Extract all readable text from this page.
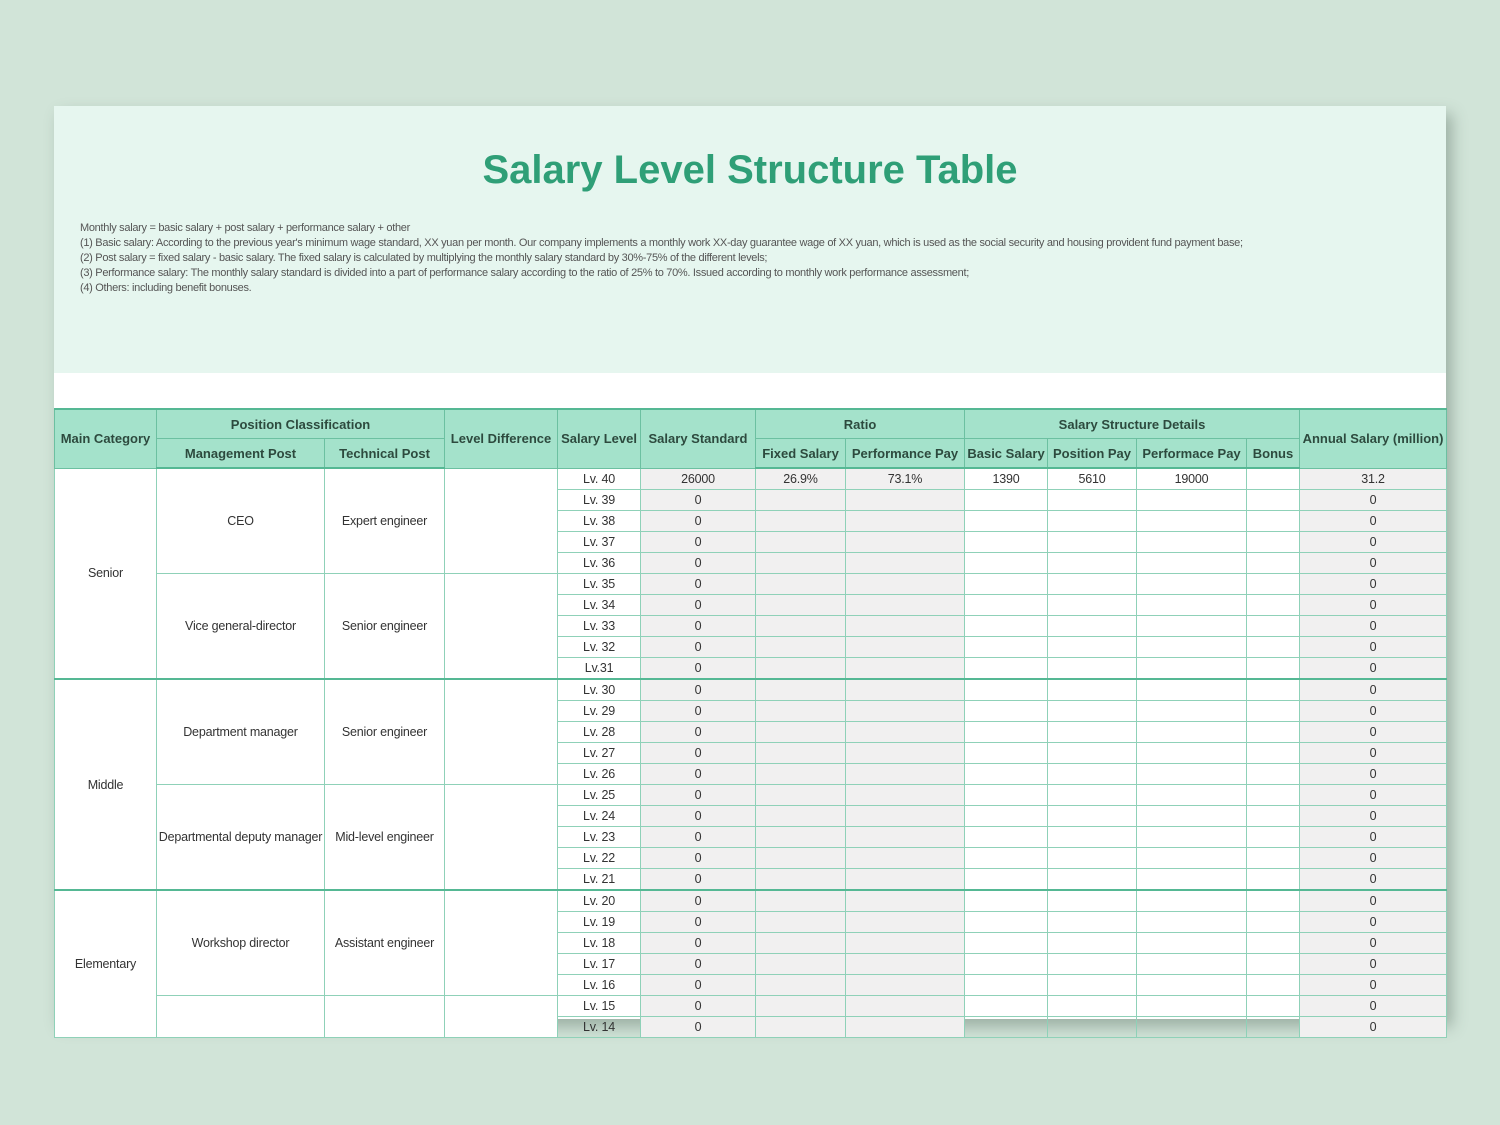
Salary Level Structure Table
Monthly salary = basic salary + post salary + performance salary + other
(1) Basic salary: According to the previous year's minimum wage standard, XX yuan per month. Our company implements a monthly work XX-day guarantee wage of XX yuan, which is used as the social security and housing provident fund payment base;
(2) Post salary = fixed salary - basic salary. The fixed salary is calculated by multiplying the monthly salary standard by 30%-75% of the different levels;
(3) Performance salary: The monthly salary standard is divided into a part of performance salary according to the ratio of 25% to 70%. Issued according to monthly work performance assessment;
(4) Others: including benefit bonuses.
Main Category	Position Classification		Level Difference	Salary Level	Salary Standard	Ratio		Salary Structure Details				Annual Salary (million)
	Management Post	Technical Post				Fixed Salary	Performance Pay	Basic Salary	Position Pay	Performace Pay	Bonus	
Senior	CEO	Expert engineer		Lv. 40	26000	26.9%	73.1%	1390	5610	19000		31.2
				Lv. 39	0							0
				Lv. 38	0							0
				Lv. 37	0							0
				Lv. 36	0							0
	Vice general-director	Senior engineer		Lv. 35	0							0
				Lv. 34	0							0
				Lv. 33	0							0
				Lv. 32	0							0
				Lv.31	0							0
Middle	Department manager	Senior engineer		Lv. 30	0							0
				Lv. 29	0							0
				Lv. 28	0							0
				Lv. 27	0							0
				Lv. 26	0							0
	Departmental deputy manager	Mid-level engineer		Lv. 25	0							0
				Lv. 24	0							0
				Lv. 23	0							0
				Lv. 22	0							0
				Lv. 21	0							0
Elementary	Workshop director	Assistant engineer		Lv. 20	0							0
				Lv. 19	0							0
				Lv. 18	0							0
				Lv. 17	0							0
				Lv. 16	0							0
				Lv. 15	0							0
				Lv. 14	0							0
